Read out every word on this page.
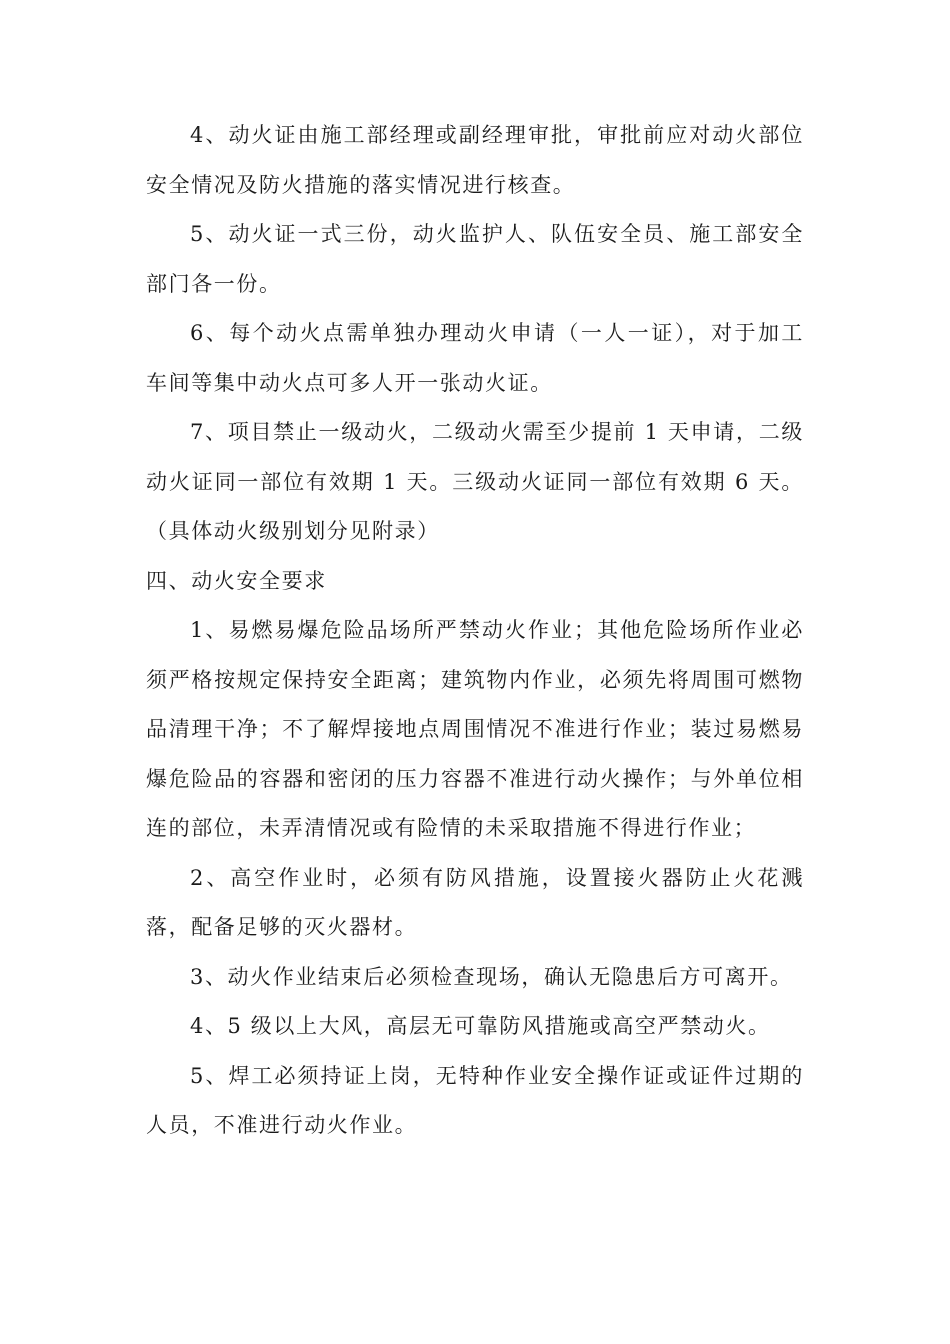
4、动火证由施工部经理或副经理审批，审批前应对动火部位安全情况及防火措施的落实情况进行核查。

5、动火证一式三份，动火监护人、队伍安全员、施工部安全部门各一份。

6、每个动火点需单独办理动火申请（一人一证），对于加工车间等集中动火点可多人开一张动火证。

7、项目禁止一级动火，二级动火需至少提前 1 天申请，二级动火证同一部位有效期 1 天。三级动火证同一部位有效期 6 天。（具体动火级别划分见附录）

四、动火安全要求

1、易燃易爆危险品场所严禁动火作业；其他危险场所作业必须严格按规定保持安全距离；建筑物内作业，必须先将周围可燃物品清理干净；不了解焊接地点周围情况不准进行作业；装过易燃易爆危险品的容器和密闭的压力容器不准进行动火操作；与外单位相连的部位，未弄清情况或有险情的未采取措施不得进行作业；

2、高空作业时，必须有防风措施，设置接火器防止火花溅落，配备足够的灭火器材。

3、动火作业结束后必须检查现场，确认无隐患后方可离开。

4、5 级以上大风，高层无可靠防风措施或高空严禁动火。

5、焊工必须持证上岗，无特种作业安全操作证或证件过期的人员，不准进行动火作业。
